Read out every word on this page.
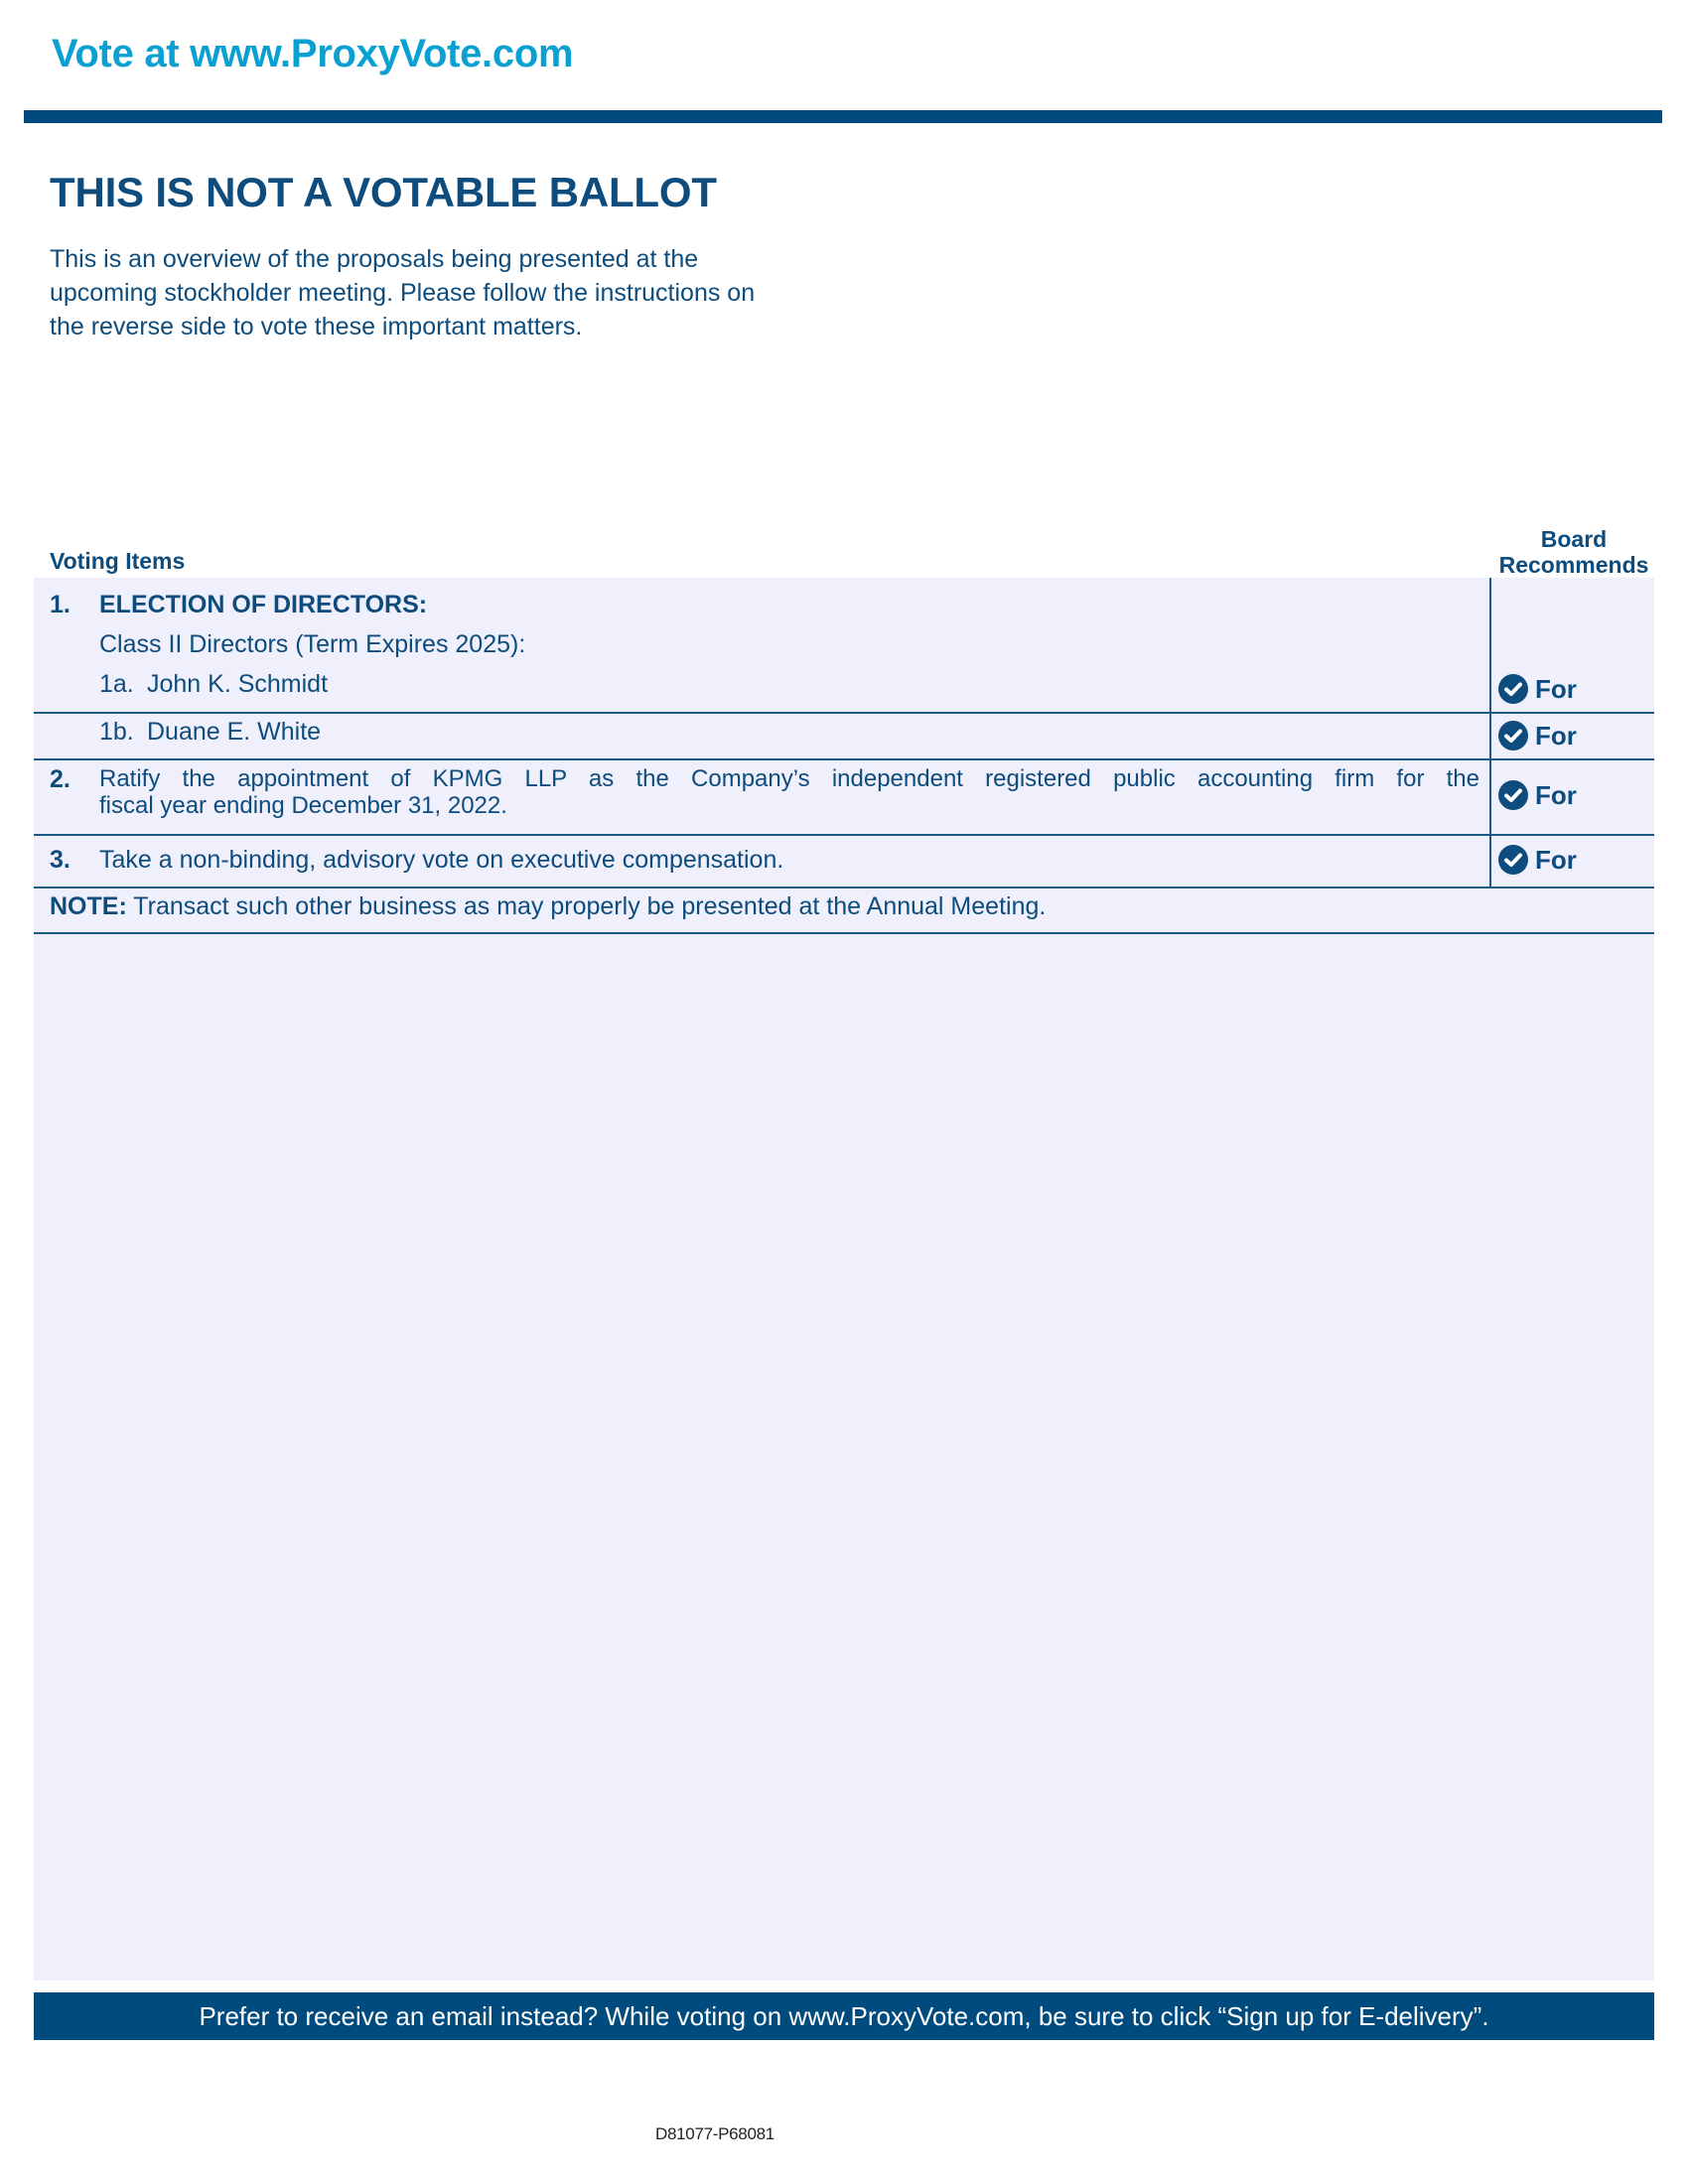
Vote at www.ProxyVote.com
THIS IS NOT A VOTABLE BALLOT
This is an overview of the proposals being presented at the
upcoming stockholder meeting. Please follow the instructions on
the reverse side to vote these important matters.
Voting Items
Board
Recommends
1. ELECTION OF DIRECTORS:
Class II Directors (Term Expires 2025):
1a. John K. Schmidt	For
1b. Duane E. White	For
2. Ratify the appointment of KPMG LLP as the Company’s independent registered public accounting firm for the
fiscal year ending December 31, 2022.	For
3. Take a non-binding, advisory vote on executive compensation.	For
NOTE: Transact such other business as may properly be presented at the Annual Meeting.
Prefer to receive an email instead? While voting on www.ProxyVote.com, be sure to click “Sign up for E-delivery”.
D81077-P68081
